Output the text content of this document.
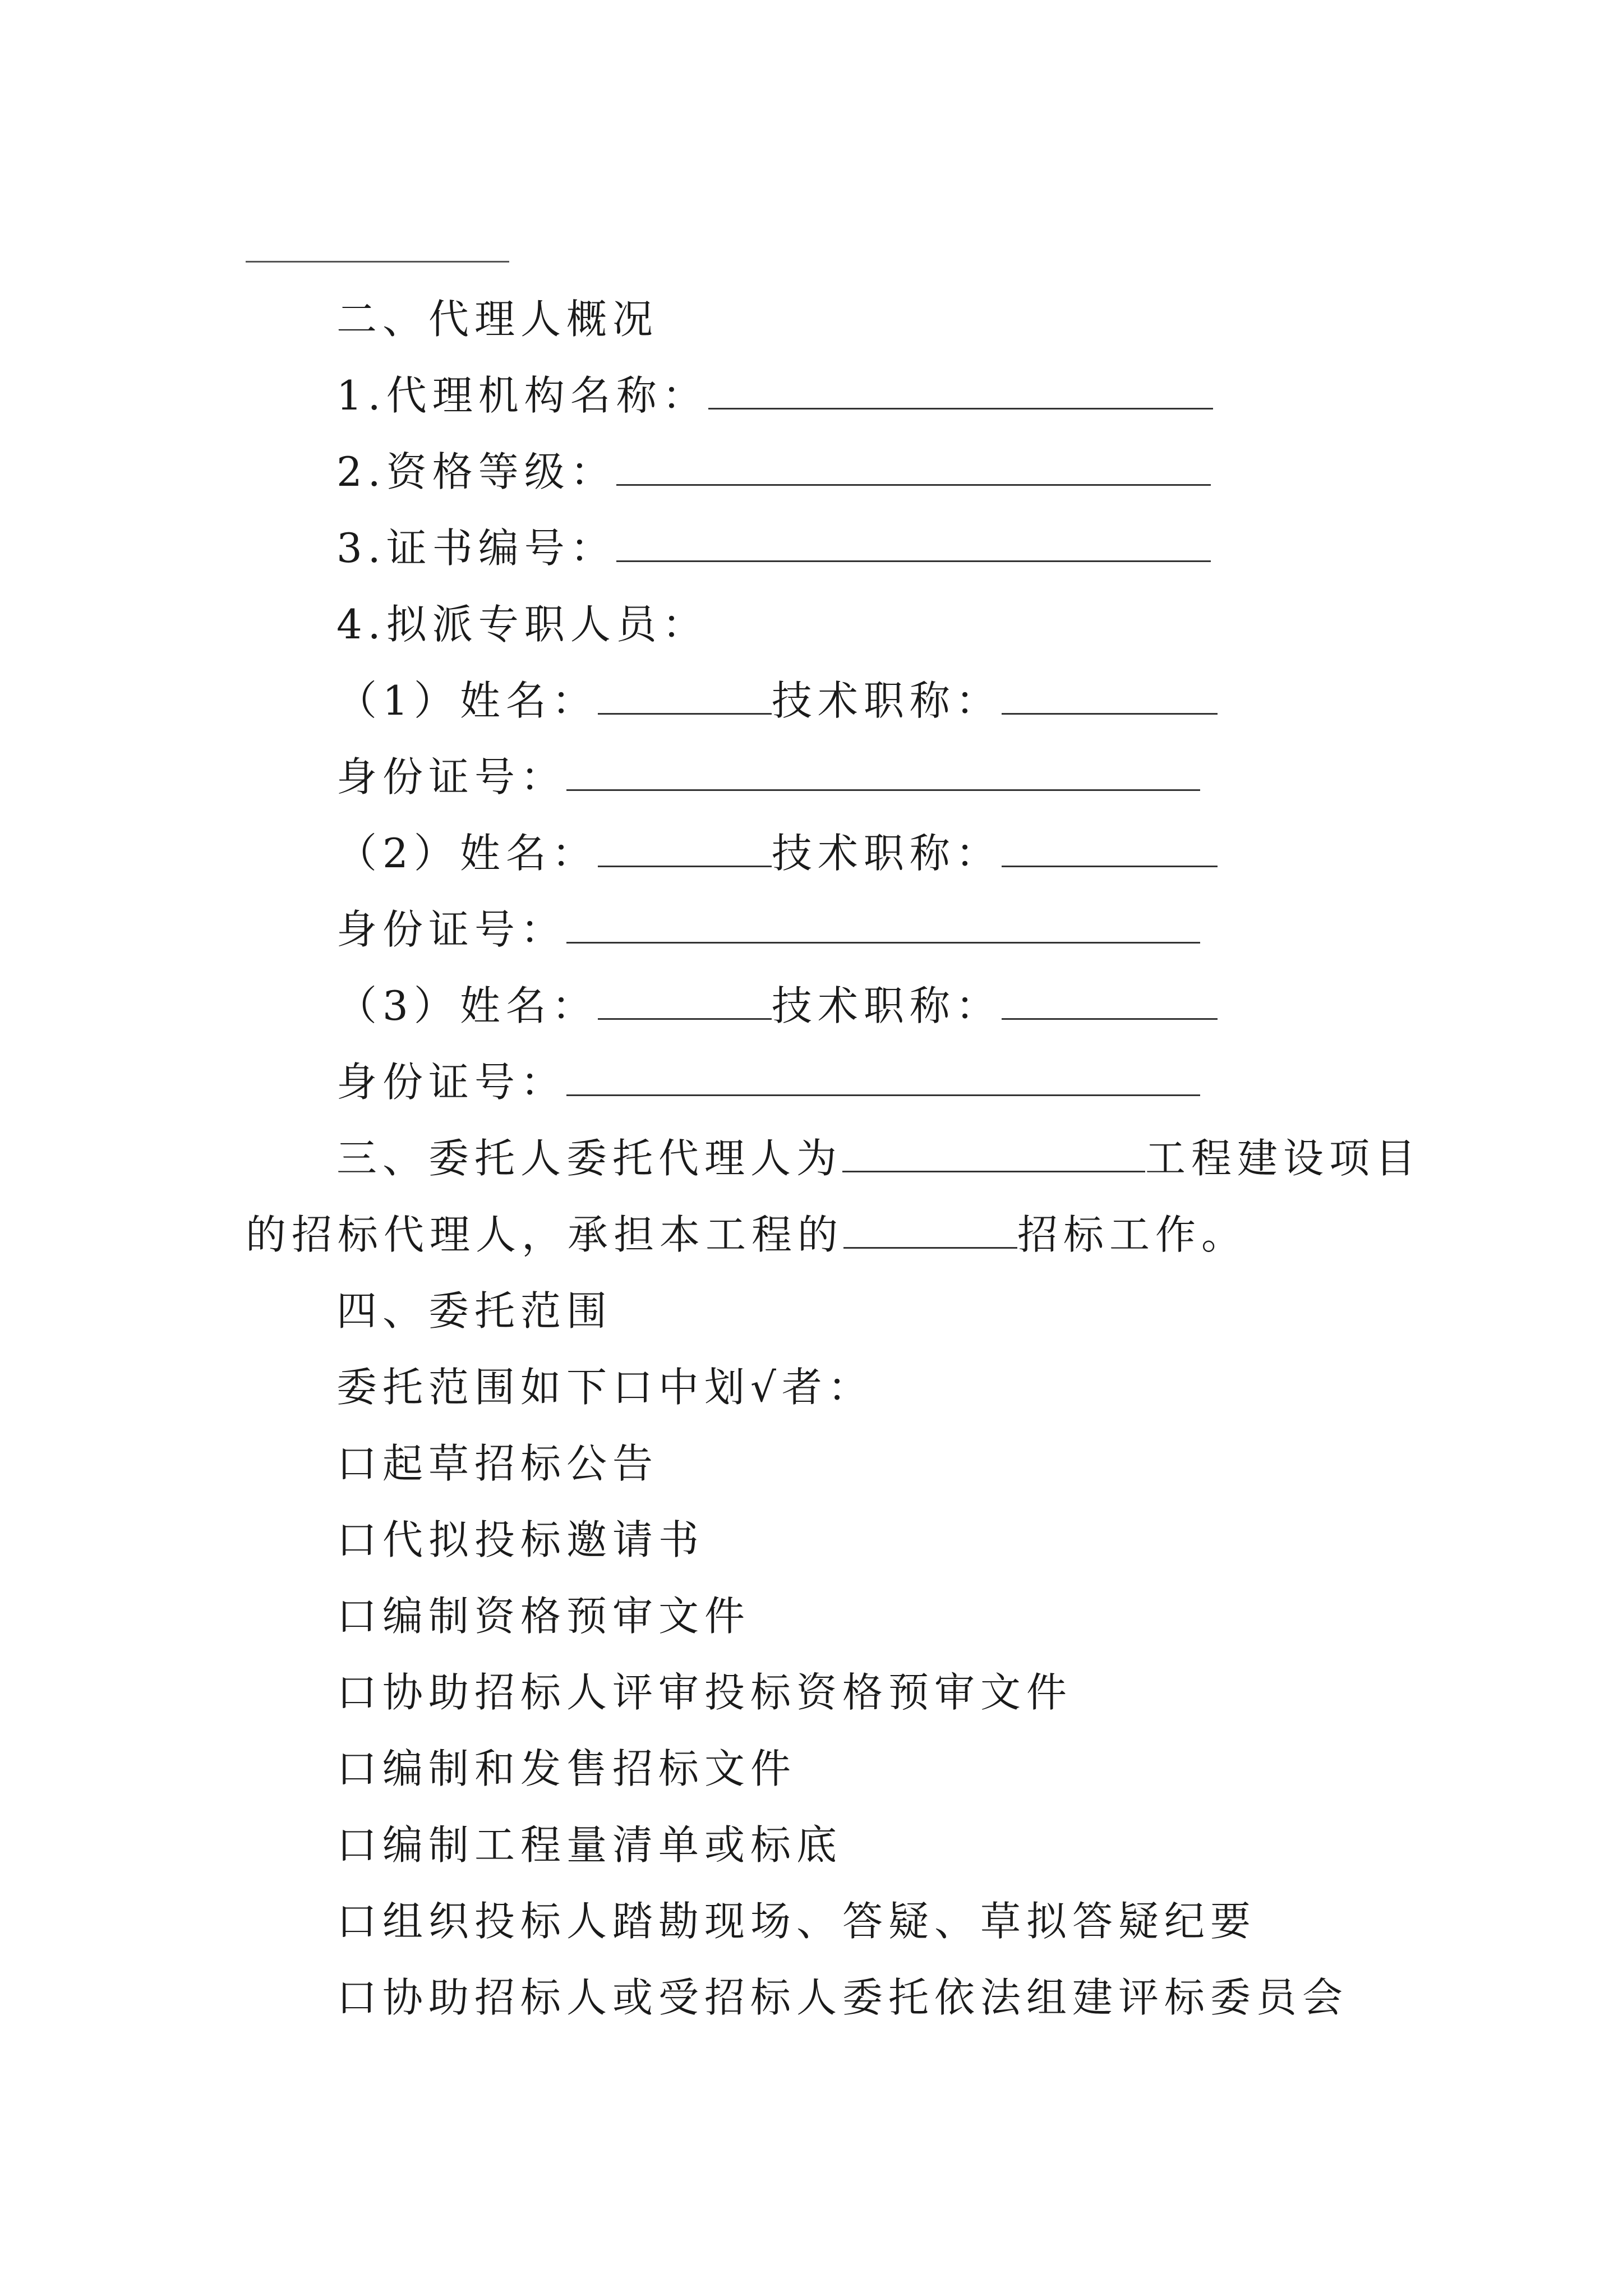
二、代理人概况
1.代理机构名称：
2.资格等级：
3.证书编号：
4.拟派专职人员：
（1）姓名：	技术职称：
身份证号：
（2）姓名：	技术职称：
身份证号：
（3）姓名：	技术职称：
身份证号：
三、委托人委托代理人为	工程建设项目
的招标代理人，承担本工程的	招标工作。
四、委托范围
委托范围如下口中划√者：
口起草招标公告
口代拟投标邀请书
口编制资格预审文件
口协助招标人评审投标资格预审文件
口编制和发售招标文件
口编制工程量清单或标底
口组织投标人踏勘现场、答疑、草拟答疑纪要
口协助招标人或受招标人委托依法组建评标委员会
